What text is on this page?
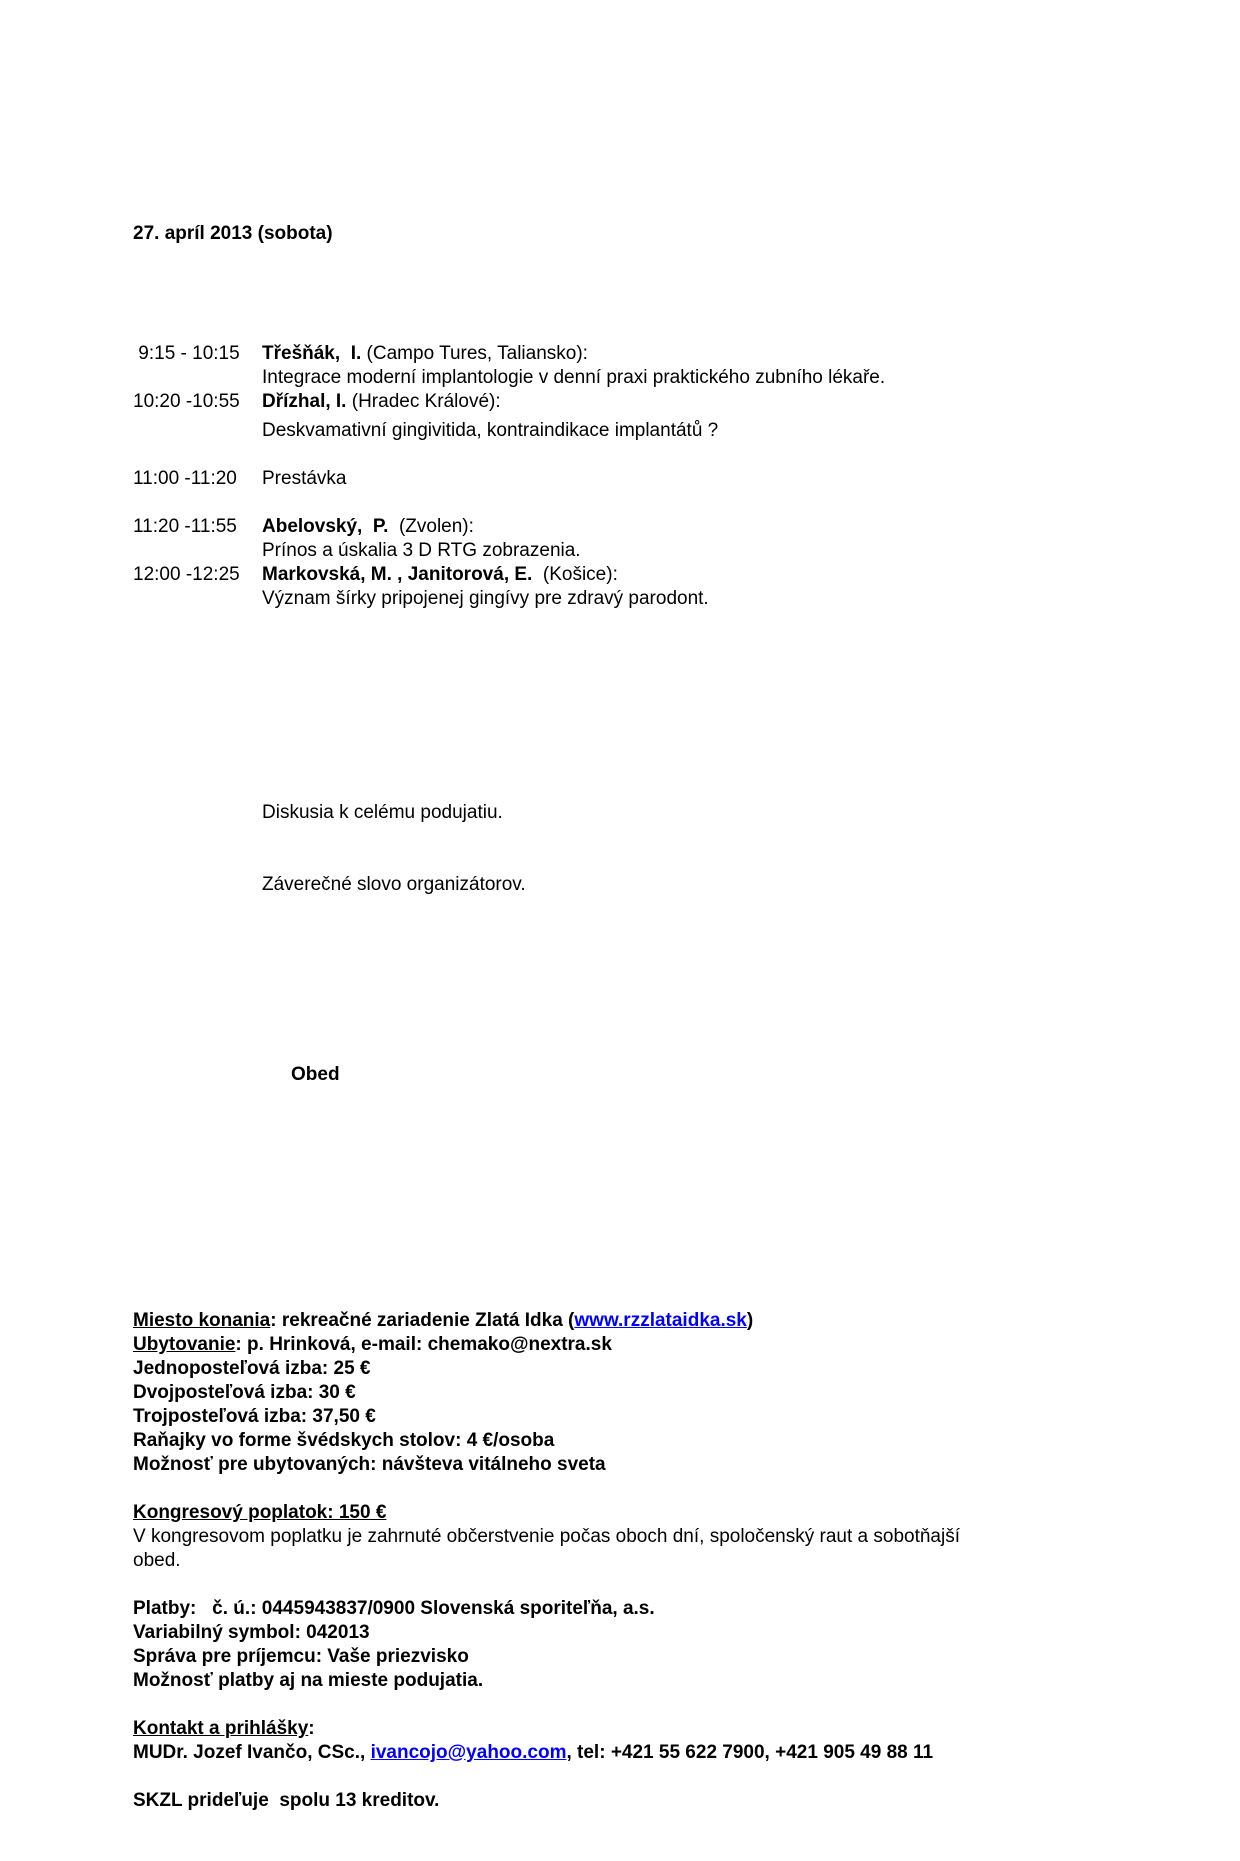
27. apríl 2013 (sobota)

9:15 - 10:15	Třešňák,  I. (Campo Tures, Taliansko):
Integrace moderní implantologie v denní praxi praktického zubního lékaře.
10:20 -10:55	Dřízhal, I. (Hradec Králové):
Deskvamativní gingivitida, kontraindikace implantátů ?
11:00 -11:20	Prestávka
11:20 -11:55	Abelovský,  P.  (Zvolen):
Prínos a úskalia 3 D RTG zobrazenia.
12:00 -12:25	Markovská, M. , Janitorová, E.  (Košice):
Význam šírky pripojenej gingívy pre zdravý parodont.

Diskusia k celému podujatiu.

Záverečné slovo organizátorov.

Obed

Miesto konania: rekreačné zariadenie Zlatá Idka (www.rzzlataidka.sk)
Ubytovanie: p. Hrinková, e-mail: chemako@nextra.sk
Jednoposteľová izba: 25 €
Dvojposteľová izba: 30 €
Trojposteľová izba: 37,50 €
Raňajky vo forme švédskych stolov: 4 €/osoba
Možnosť pre ubytovaných: návšteva vitálneho sveta
Kongresový poplatok: 150 €
V kongresovom poplatku je zahrnuté občerstvenie počas oboch dní, spoločenský raut a sobotňajší
obed.
Platby:   č. ú.: 0445943837/0900 Slovenská sporiteľňa, a.s.
Variabilný symbol: 042013
Správa pre príjemcu: Vaše priezvisko
Možnosť platby aj na mieste podujatia.
Kontakt a prihlášky:
MUDr. Jozef Ivančo, CSc., ivancojo@yahoo.com, tel: +421 55 622 7900, +421 905 49 88 11
SKZL prideľuje  spolu 13 kreditov.
